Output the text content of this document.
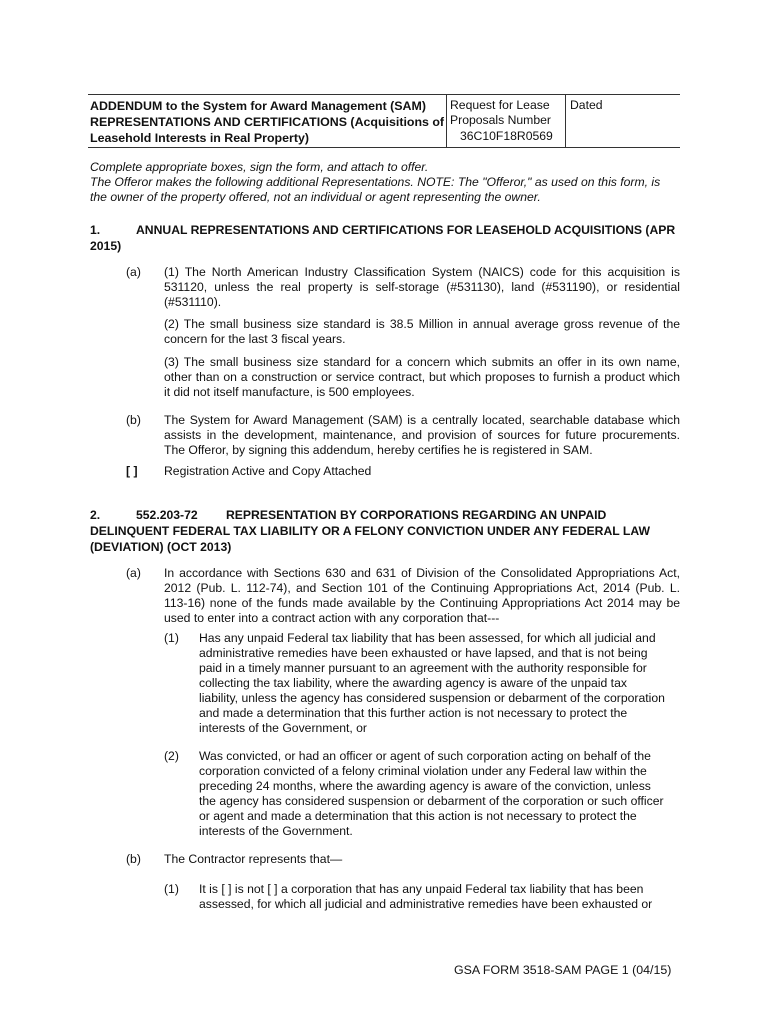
ADDENDUM to the System for Award Management (SAM) REPRESENTATIONS AND CERTIFICATIONS (Acquisitions of Leasehold Interests in Real Property)
Request for Lease Proposals Number
36C10F18R0569
Dated
Complete appropriate boxes, sign the form, and attach to offer.
The Offeror makes the following additional Representations. NOTE: The "Offeror," as used on this form, is the owner of the property offered, not an individual or agent representing the owner.
1.	ANNUAL REPRESENTATIONS AND CERTIFICATIONS FOR LEASEHOLD ACQUISITIONS (APR 2015)
(a) (1) The North American Industry Classification System (NAICS) code for this acquisition is 531120, unless the real property is self-storage (#531130), land (#531190), or residential (#531110).
(2) The small business size standard is 38.5 Million in annual average gross revenue of the concern for the last 3 fiscal years.
(3) The small business size standard for a concern which submits an offer in its own name, other than on a construction or service contract, but which proposes to furnish a product which it did not itself manufacture, is 500 employees.
(b) The System for Award Management (SAM) is a centrally located, searchable database which assists in the development, maintenance, and provision of sources for future procurements. The Offeror, by signing this addendum, hereby certifies he is registered in SAM.
[ ] Registration Active and Copy Attached
2.	552.203-72 REPRESENTATION BY CORPORATIONS REGARDING AN UNPAID
DELINQUENT FEDERAL TAX LIABILITY OR A FELONY CONVICTION UNDER ANY FEDERAL LAW (DEVIATION) (OCT 2013)
(a) In accordance with Sections 630 and 631 of Division of the Consolidated Appropriations Act, 2012 (Pub. L. 112-74), and Section 101 of the Continuing Appropriations Act, 2014 (Pub. L. 113-16) none of the funds made available by the Continuing Appropriations Act 2014 may be used to enter into a contract action with any corporation that---
(1) Has any unpaid Federal tax liability that has been assessed, for which all judicial and administrative remedies have been exhausted or have lapsed, and that is not being paid in a timely manner pursuant to an agreement with the authority responsible for collecting the tax liability, where the awarding agency is aware of the unpaid tax liability, unless the agency has considered suspension or debarment of the corporation and made a determination that this further action is not necessary to protect the interests of the Government, or
(2) Was convicted, or had an officer or agent of such corporation acting on behalf of the corporation convicted of a felony criminal violation under any Federal law within the preceding 24 months, where the awarding agency is aware of the conviction, unless the agency has considered suspension or debarment of the corporation or such officer or agent and made a determination that this action is not necessary to protect the interests of the Government.
(b) The Contractor represents that—
(1) It is [ ] is not [ ] a corporation that has any unpaid Federal tax liability that has been assessed, for which all judicial and administrative remedies have been exhausted or
GSA FORM 3518-SAM PAGE 1 (04/15)
